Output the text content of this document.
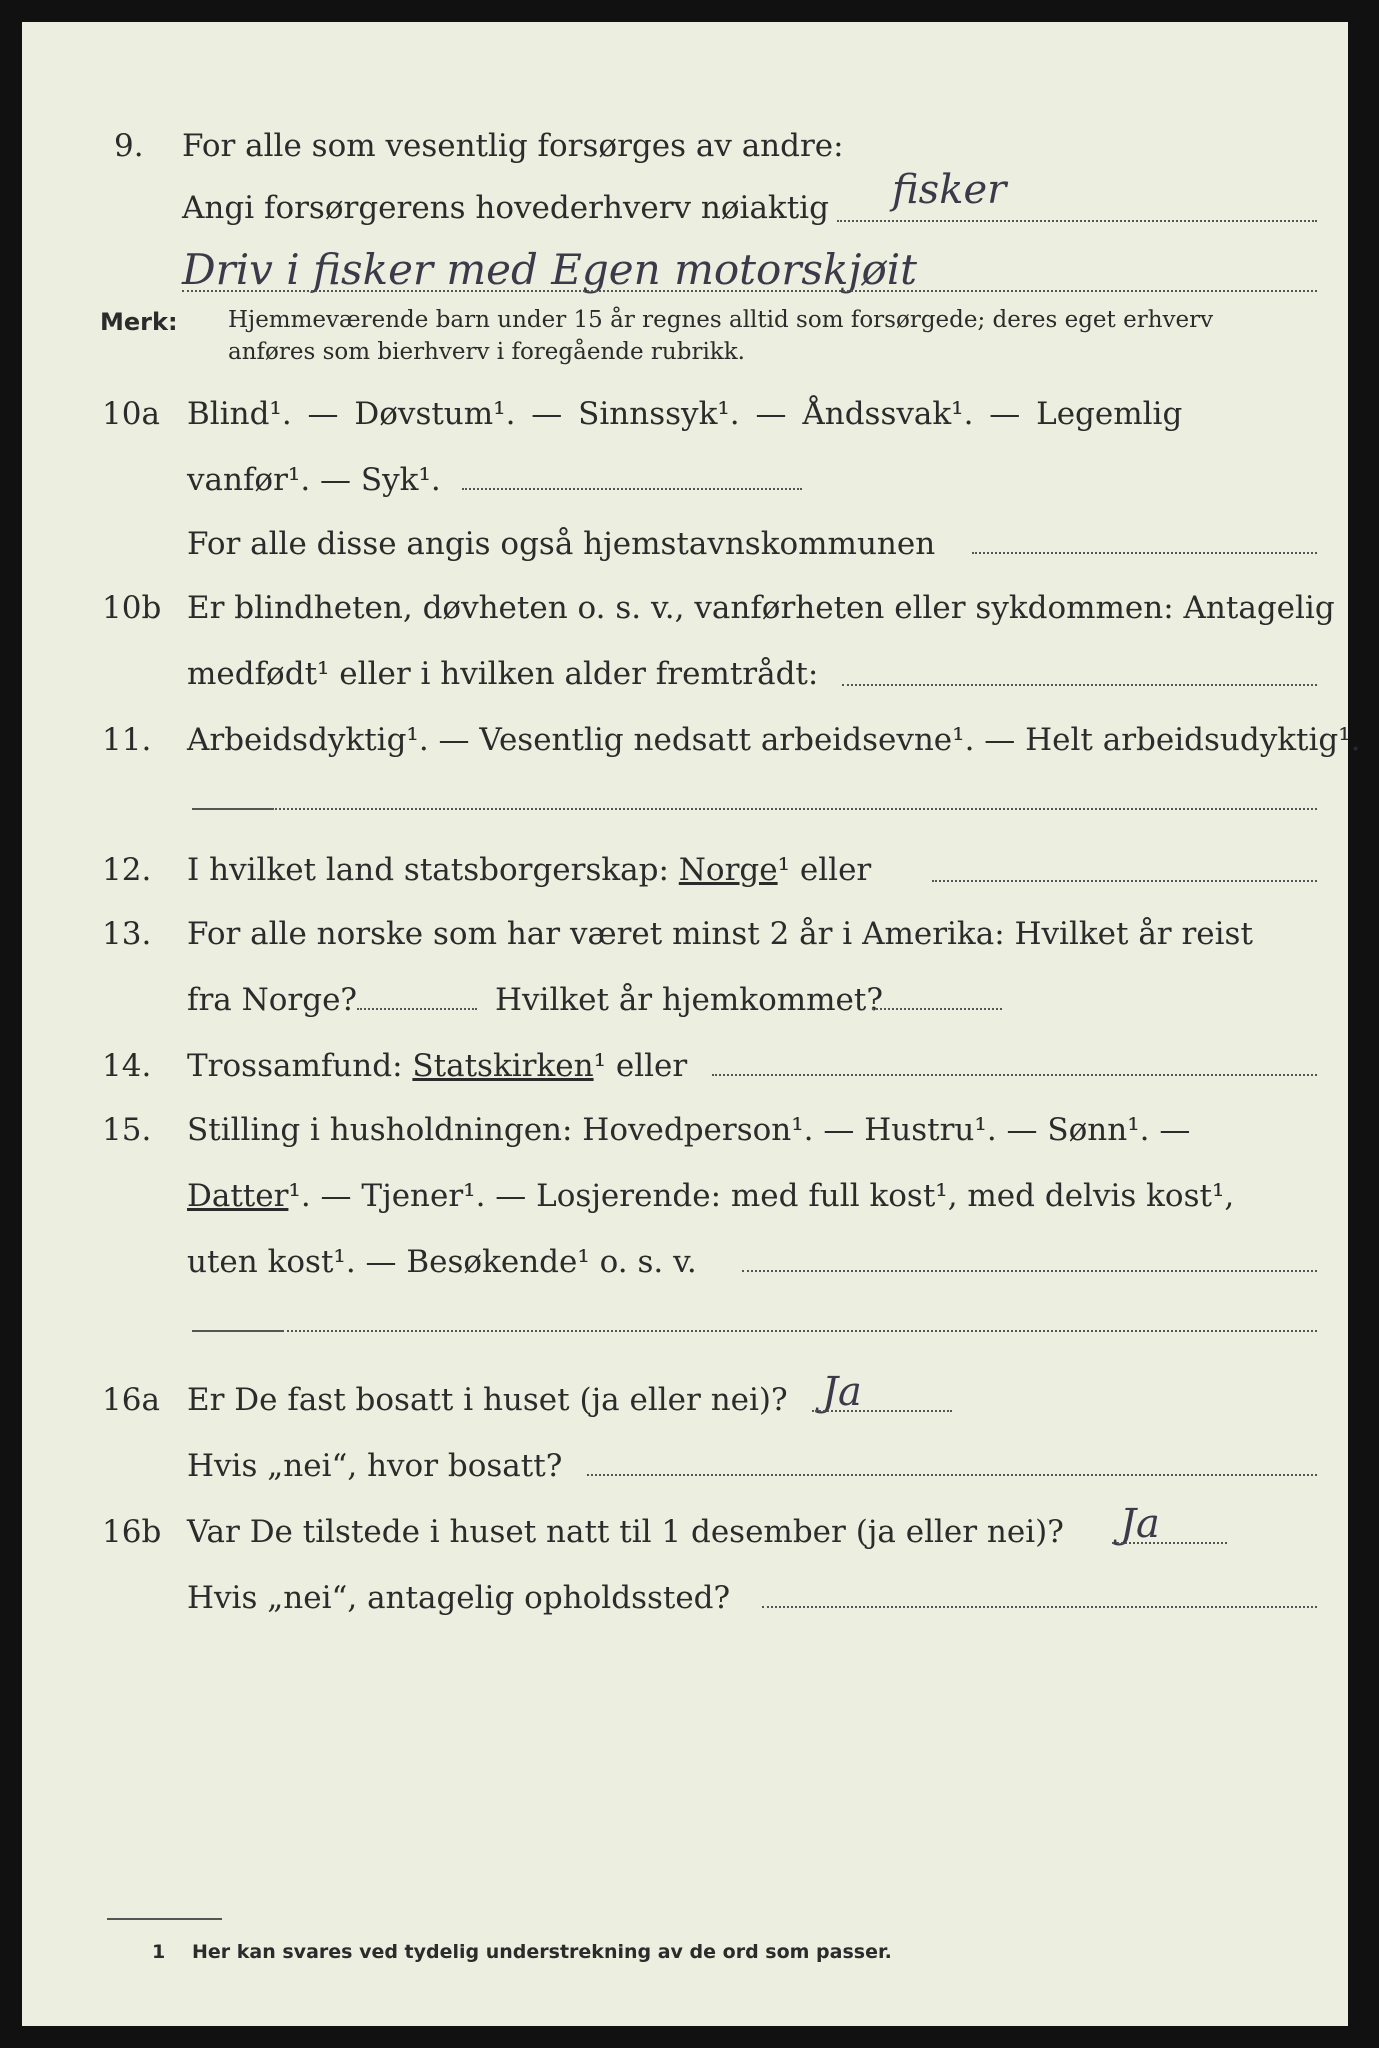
9. For alle som vesentlig forsørges av andre:
Angi forsørgerens hovederhverv nøiaktig fisker
Driv i fisker med Egen motorskjøit
Merk: Hjemmeværende barn under 15 år regnes alltid som forsørgede; deres eget erhverv
anføres som bierhverv i foregående rubrikk.
10a Blind¹. — Døvstum¹. — Sinnssyk¹. — Åndssvak¹. — Legemlig
vanfør¹. — Syk¹.
For alle disse angis også hjemstavnskommunen
10b Er blindheten, døvheten o. s. v., vanførheten eller sykdommen: Antagelig
medfødt¹ eller i hvilken alder fremtrådt:
11. Arbeidsdyktig¹. — Vesentlig nedsatt arbeidsevne¹. — Helt arbeidsudyktig¹.
12. I hvilket land statsborgerskap: Norge¹ eller
13. For alle norske som har været minst 2 år i Amerika: Hvilket år reist
fra Norge?	Hvilket år hjemkommet?
14. Trossamfund: Statskirken¹ eller
15. Stilling i husholdningen: Hovedperson¹. — Hustru¹. — Sønn¹. —
Datter¹. — Tjener¹. — Losjerende: med full kost¹, med delvis kost¹,
uten kost¹. — Besøkende¹ o. s. v.
16a Er De fast bosatt i huset (ja eller nei)? Ja
Hvis „nei“, hvor bosatt?
16b Var De tilstede i huset natt til 1 desember (ja eller nei)? Ja
Hvis „nei“, antagelig opholdssted?
1 Her kan svares ved tydelig understrekning av de ord som passer.
